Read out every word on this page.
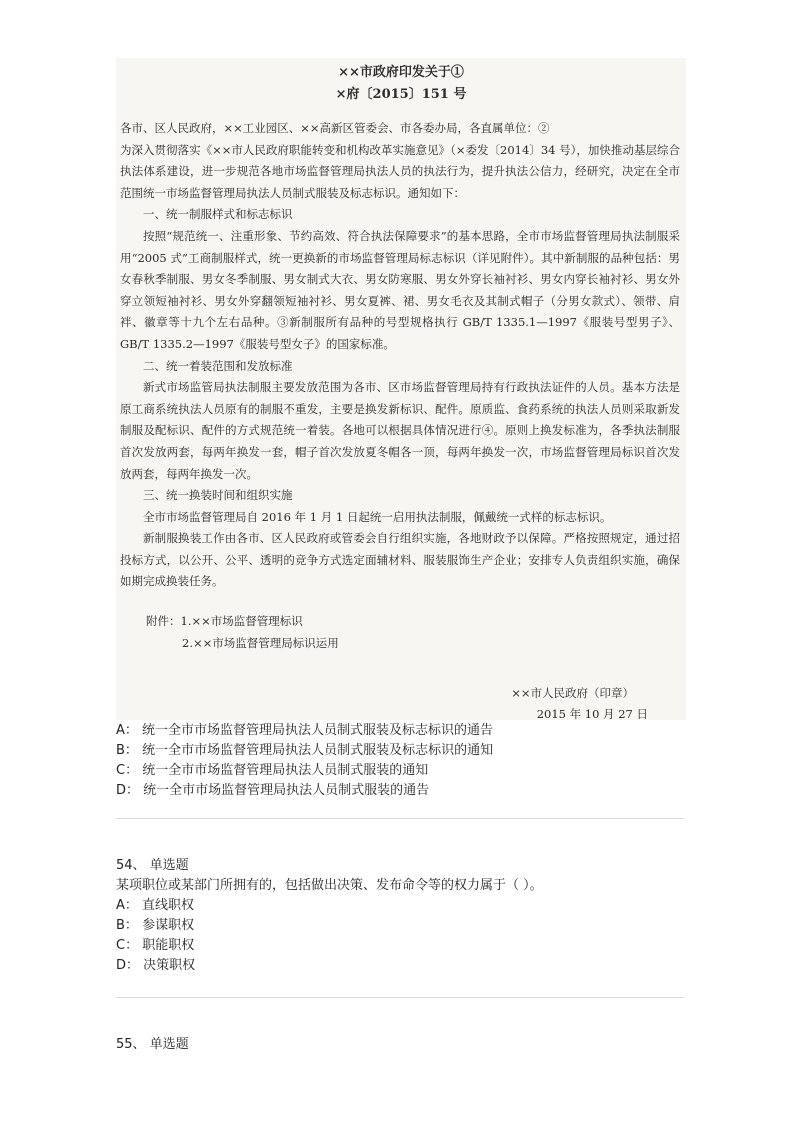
××市政府印发关于①
×府〔2015〕151 号

各市、区人民政府，××工业园区、××高新区管委会、市各委办局，各直属单位：②

为深入贯彻落实《××市人民政府职能转变和机构改革实施意见》（×委发〔2014〕34 号），加快推动基层综合执法体系建设，进一步规范各地市场监督管理局执法人员的执法行为，提升执法公信力，经研究，决定在全市范围统一市场监督管理局执法人员制式服装及标志标识。通知如下：

一、统一制服样式和标志标识

按照“规范统一、注重形象、节约高效、符合执法保障要求”的基本思路，全市市场监督管理局执法制服采用“2005 式”工商制服样式，统一更换新的市场监督管理局标志标识（详见附件）。其中新制服的品种包括：男女春秋季制服、男女冬季制服、男女制式大衣、男女防寒服、男女外穿长袖衬衫、男女内穿长袖衬衫、男女外穿立领短袖衬衫、男女外穿翻领短袖衬衫、男女夏裤、裙、男女毛衣及其制式帽子（分男女款式）、领带、肩袢、徽章等十九个左右品种。③新制服所有品种的号型规格执行 GB/T 1335.1—1997《服装号型男子》、GB/T 1335.2—1997《服装号型女子》的国家标准。

二、统一着装范围和发放标准

新式市场监管局执法制服主要发放范围为各市、区市场监督管理局持有行政执法证件的人员。基本方法是原工商系统执法人员原有的制服不重发，主要是换发新标识、配件。原质监、食药系统的执法人员则采取新发制服及配标识、配件的方式规范统一着装。各地可以根据具体情况进行④。原则上换发标准为，各季执法制服首次发放两套，每两年换发一套，帽子首次发放夏冬帽各一顶，每两年换发一次，市场监督管理局标识首次发放两套，每两年换发一次。

三、统一换装时间和组织实施

全市市场监督管理局自 2016 年 1 月 1 日起统一启用执法制服，佩戴统一式样的标志标识。

新制服换装工作由各市、区人民政府或管委会自行组织实施，各地财政予以保障。严格按照规定，通过招投标方式，以公开、公平、透明的竞争方式选定面辅材料、服装服饰生产企业；安排专人负责组织实施，确保如期完成换装任务。

附件：1.××市场监督管理标识

2.××市场监督管理局标识运用

××市人民政府（印章）
2015 年 10 月 27 日
A： 统一全市市场监督管理局执法人员制式服装及标志标识的通告
B： 统一全市市场监督管理局执法人员制式服装及标志标识的通知
C： 统一全市市场监督管理局执法人员制式服装的通知
D： 统一全市市场监督管理局执法人员制式服装的通告
54、 单选题
某项职位或某部门所拥有的，包括做出决策、发布命令等的权力属于（ ）。
A： 直线职权
B： 参谋职权
C： 职能职权
D： 决策职权
55、 单选题
